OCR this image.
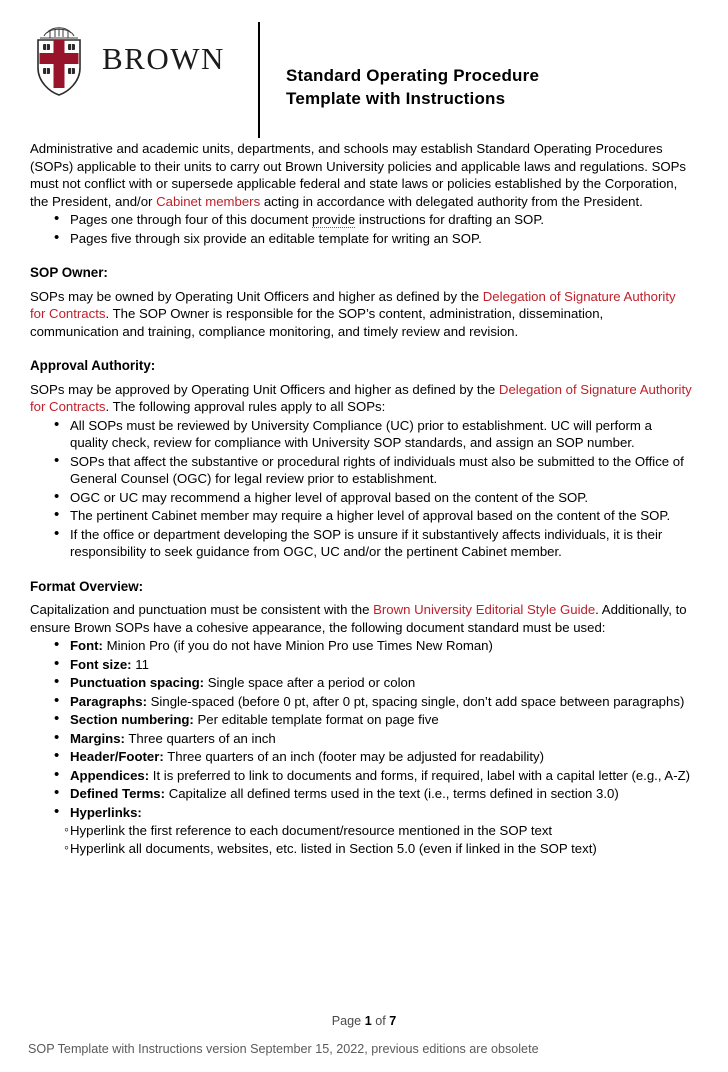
BROWN	Standard Operating Procedure
Template with Instructions

Administrative and academic units, departments, and schools may establish Standard Operating Procedures (SOPs) applicable to their units to carry out Brown University policies and applicable laws and regulations. SOPs must not conflict with or supersede applicable federal and state laws or policies established by the Corporation, the President, and/or Cabinet members acting in accordance with delegated authority from the President.

• Pages one through four of this document provide instructions for drafting an SOP.
• Pages five through six provide an editable template for writing an SOP.
SOP Owner:

SOPs may be owned by Operating Unit Officers and higher as defined by the Delegation of Signature Authority for Contracts. The SOP Owner is responsible for the SOP’s content, administration, dissemination, communication and training, compliance monitoring, and timely review and revision.

Approval Authority:

SOPs may be approved by Operating Unit Officers and higher as defined by the Delegation of Signature Authority for Contracts. The following approval rules apply to all SOPs:

• All SOPs must be reviewed by University Compliance (UC) prior to establishment. UC will perform a quality check, review for compliance with University SOP standards, and assign an SOP number.
• SOPs that affect the substantive or procedural rights of individuals must also be submitted to the Office of General Counsel (OGC) for legal review prior to establishment.
• OGC or UC may recommend a higher level of approval based on the content of the SOP.
• The pertinent Cabinet member may require a higher level of approval based on the content of the SOP.
• If the office or department developing the SOP is unsure if it substantively affects individuals, it is their responsibility to seek guidance from OGC, UC and/or the pertinent Cabinet member.
Format Overview:

Capitalization and punctuation must be consistent with the Brown University Editorial Style Guide. Additionally, to ensure Brown SOPs have a cohesive appearance, the following document standard must be used:

• Font: Minion Pro (if you do not have Minion Pro use Times New Roman)
• Font size: 11
• Punctuation spacing: Single space after a period or colon
• Paragraphs: Single-spaced (before 0 pt, after 0 pt, spacing single, don’t add space between paragraphs)
• Section numbering: Per editable template format on page five
• Margins: Three quarters of an inch
• Header/Footer: Three quarters of an inch (footer may be adjusted for readability)
• Appendices: It is preferred to link to documents and forms, if required, label with a capital letter (e.g., A-Z)
• Defined Terms: Capitalize all defined terms used in the text (i.e., terms defined in section 3.0)
• Hyperlinks:
◦ Hyperlink the first reference to each document/resource mentioned in the SOP text
◦ Hyperlink all documents, websites, etc. listed in Section 5.0 (even if linked in the SOP text)
Page 1 of 7
SOP Template with Instructions version September 15, 2022, previous editions are obsolete
